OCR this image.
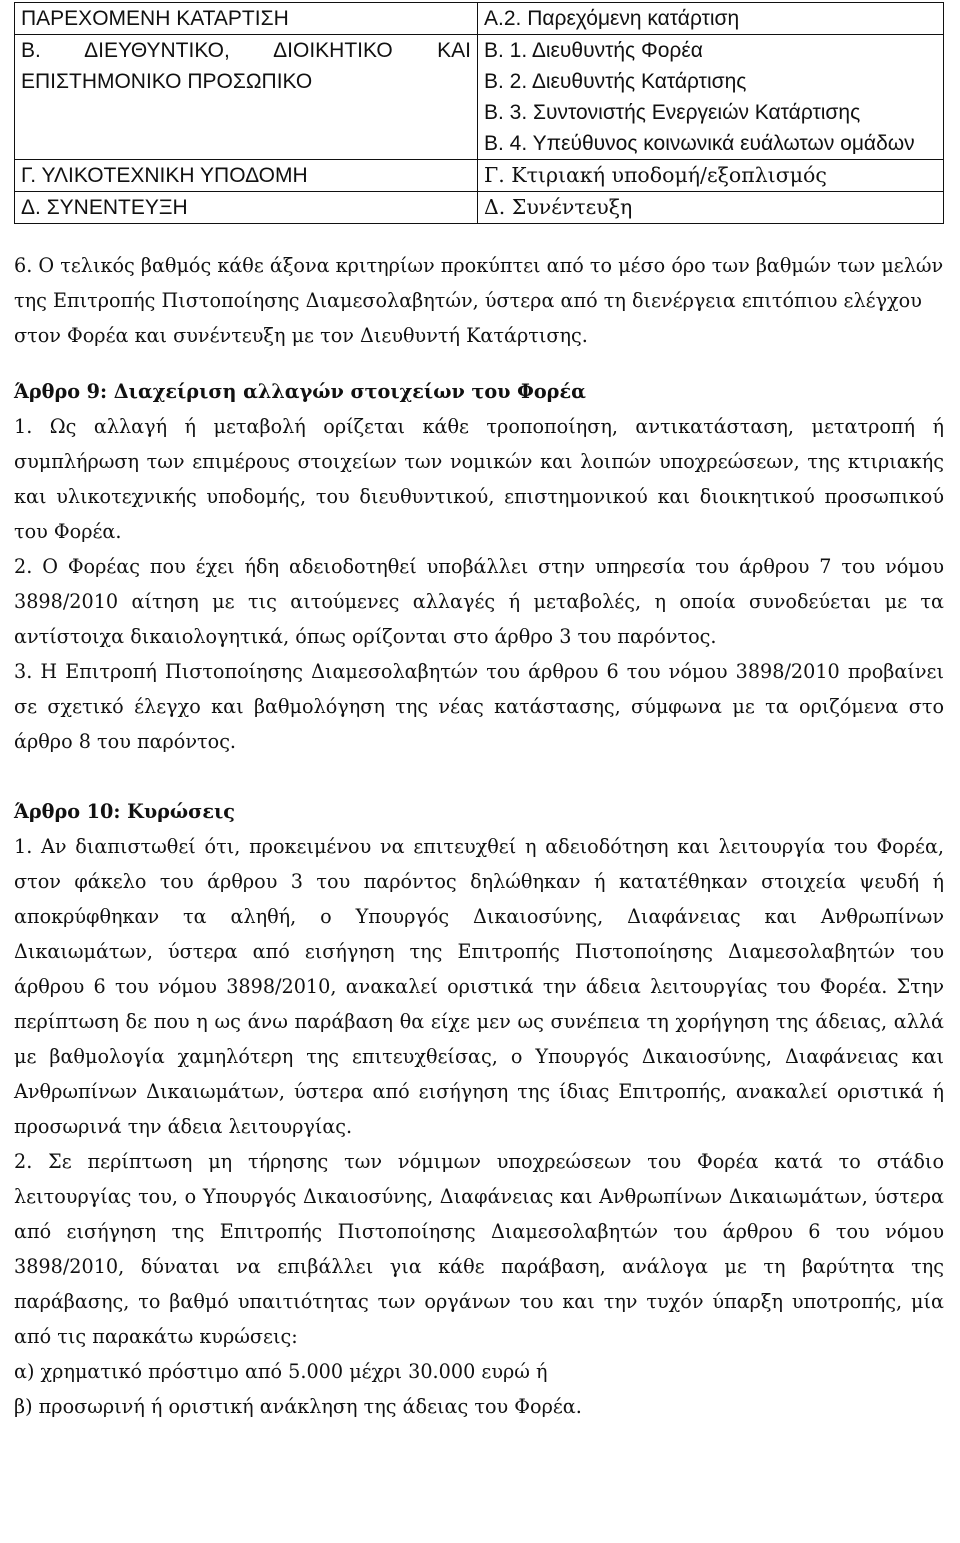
ΠΑΡΕΧΟΜΕΝΗ ΚΑΤΑΡΤΙΣΗ	Α.2. Παρεχόμενη κατάρτιση

Β. ΔΙΕΥΘΥΝΤΙΚΟ, ΔΙΟΙΚΗΤΙΚΟ ΚΑΙ ΕΠΙΣΤΗΜΟΝΙΚΟ ΠΡΟΣΩΠΙΚΟ	Β. 1. Διευθυντής Φορέα
Β. 2. Διευθυντής Κατάρτισης
Β. 3. Συντονιστής Ενεργειών Κατάρτισης
Β. 4. Υπεύθυνος κοινωνικά ευάλωτων ομάδων

Γ. ΥΛΙΚΟΤΕΧΝΙΚΗ ΥΠΟΔΟΜΗ	Γ. Κτιριακή υποδομή/εξοπλισμός

Δ. ΣΥΝΕΝΤΕΥΞΗ	Δ. Συνέντευξη

6. Ο τελικός βαθμός κάθε άξονα κριτηρίων προκύπτει από το μέσο όρο των βαθμών των μελών της Επιτροπής Πιστοποίησης Διαμεσολαβητών, ύστερα από τη διενέργεια επιτόπιου ελέγχου στον Φορέα και συνέντευξη με τον Διευθυντή Κατάρτισης.

Άρθρο 9: Διαχείριση αλλαγών στοιχείων του Φορέα

1. Ως αλλαγή ή μεταβολή ορίζεται κάθε τροποποίηση, αντικατάσταση, μετατροπή ή συμπλήρωση των επιμέρους στοιχείων των νομικών και λοιπών υποχρεώσεων, της κτιριακής και υλικοτεχνικής υποδομής, του διευθυντικού, επιστημονικού και διοικητικού προσωπικού του Φορέα.

2. Ο Φορέας που έχει ήδη αδειοδοτηθεί υποβάλλει στην υπηρεσία του άρθρου 7 του νόμου 3898/2010 αίτηση με τις αιτούμενες αλλαγές ή μεταβολές, η οποία συνοδεύεται με τα αντίστοιχα δικαιολογητικά, όπως ορίζονται στο άρθρο 3 του παρόντος.

3. Η Επιτροπή Πιστοποίησης Διαμεσολαβητών του άρθρου 6 του νόμου 3898/2010 προβαίνει σε σχετικό έλεγχο και βαθμολόγηση της νέας κατάστασης, σύμφωνα με τα οριζόμενα στο άρθρο 8 του παρόντος.

Άρθρο 10: Κυρώσεις

1. Αν διαπιστωθεί ότι, προκειμένου να επιτευχθεί η αδειοδότηση και λειτουργία του Φορέα, στον φάκελο του άρθρου 3 του παρόντος δηλώθηκαν ή κατατέθηκαν στοιχεία ψευδή ή αποκρύφθηκαν τα αληθή, ο Υπουργός Δικαιοσύνης, Διαφάνειας και Ανθρωπίνων Δικαιωμάτων, ύστερα από εισήγηση της Επιτροπής Πιστοποίησης Διαμεσολαβητών του άρθρου 6 του νόμου 3898/2010, ανακαλεί οριστικά την άδεια λειτουργίας του Φορέα. Στην περίπτωση δε που η ως άνω παράβαση θα είχε μεν ως συνέπεια τη χορήγηση της άδειας, αλλά με βαθμολογία χαμηλότερη της επιτευχθείσας, ο Υπουργός Δικαιοσύνης, Διαφάνειας και Ανθρωπίνων Δικαιωμάτων, ύστερα από εισήγηση της ίδιας Επιτροπής, ανακαλεί οριστικά ή προσωρινά την άδεια λειτουργίας.

2. Σε περίπτωση μη τήρησης των νόμιμων υποχρεώσεων του Φορέα κατά το στάδιο λειτουργίας του, ο Υπουργός Δικαιοσύνης, Διαφάνειας και Ανθρωπίνων Δικαιωμάτων, ύστερα από εισήγηση της Επιτροπής Πιστοποίησης Διαμεσολαβητών του άρθρου 6 του νόμου 3898/2010, δύναται να επιβάλλει για κάθε παράβαση, ανάλογα με τη βαρύτητα της παράβασης, το βαθμό υπαιτιότητας των οργάνων του και την τυχόν ύπαρξη υποτροπής, μία από τις παρακάτω κυρώσεις:

α) χρηματικό πρόστιμο από 5.000 μέχρι 30.000 ευρώ ή

β) προσωρινή ή οριστική ανάκληση της άδειας του Φορέα.
